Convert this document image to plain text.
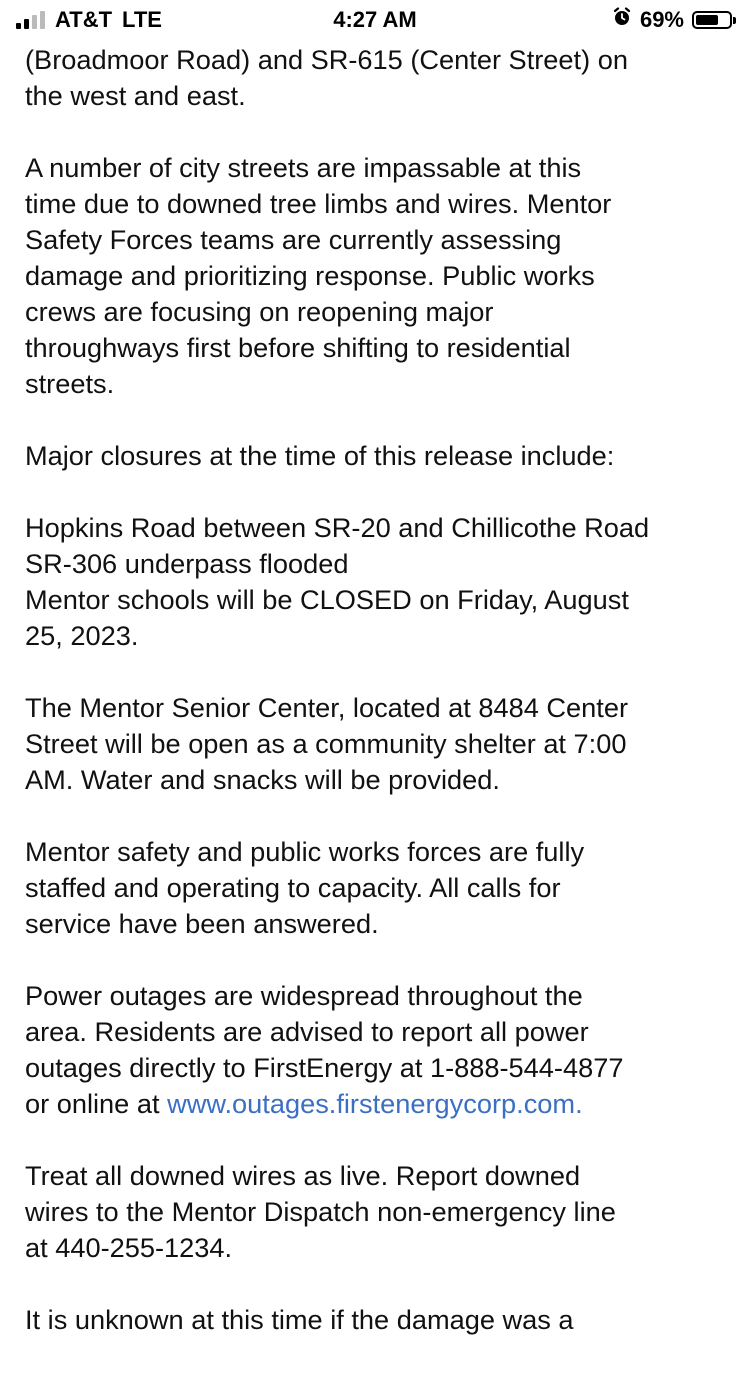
AT&T LTE	4:27 AM	69%

(Broadmoor Road) and SR-615 (Center Street) on
the west and east.

A number of city streets are impassable at this
time due to downed tree limbs and wires. Mentor
Safety Forces teams are currently assessing
damage and prioritizing response. Public works
crews are focusing on reopening major
throughways first before shifting to residential
streets.

Major closures at the time of this release include:

Hopkins Road between SR-20 and Chillicothe Road
SR-306 underpass flooded
Mentor schools will be CLOSED on Friday, August
25, 2023.

The Mentor Senior Center, located at 8484 Center
Street will be open as a community shelter at 7:00
AM. Water and snacks will be provided.

Mentor safety and public works forces are fully
staffed and operating to capacity. All calls for
service have been answered.

Power outages are widespread throughout the
area. Residents are advised to report all power
outages directly to FirstEnergy at 1-888-544-4877
or online at www.outages.firstenergycorp.com.

Treat all downed wires as live. Report downed
wires to the Mentor Dispatch non-emergency line
at 440-255-1234.

It is unknown at this time if the damage was a
